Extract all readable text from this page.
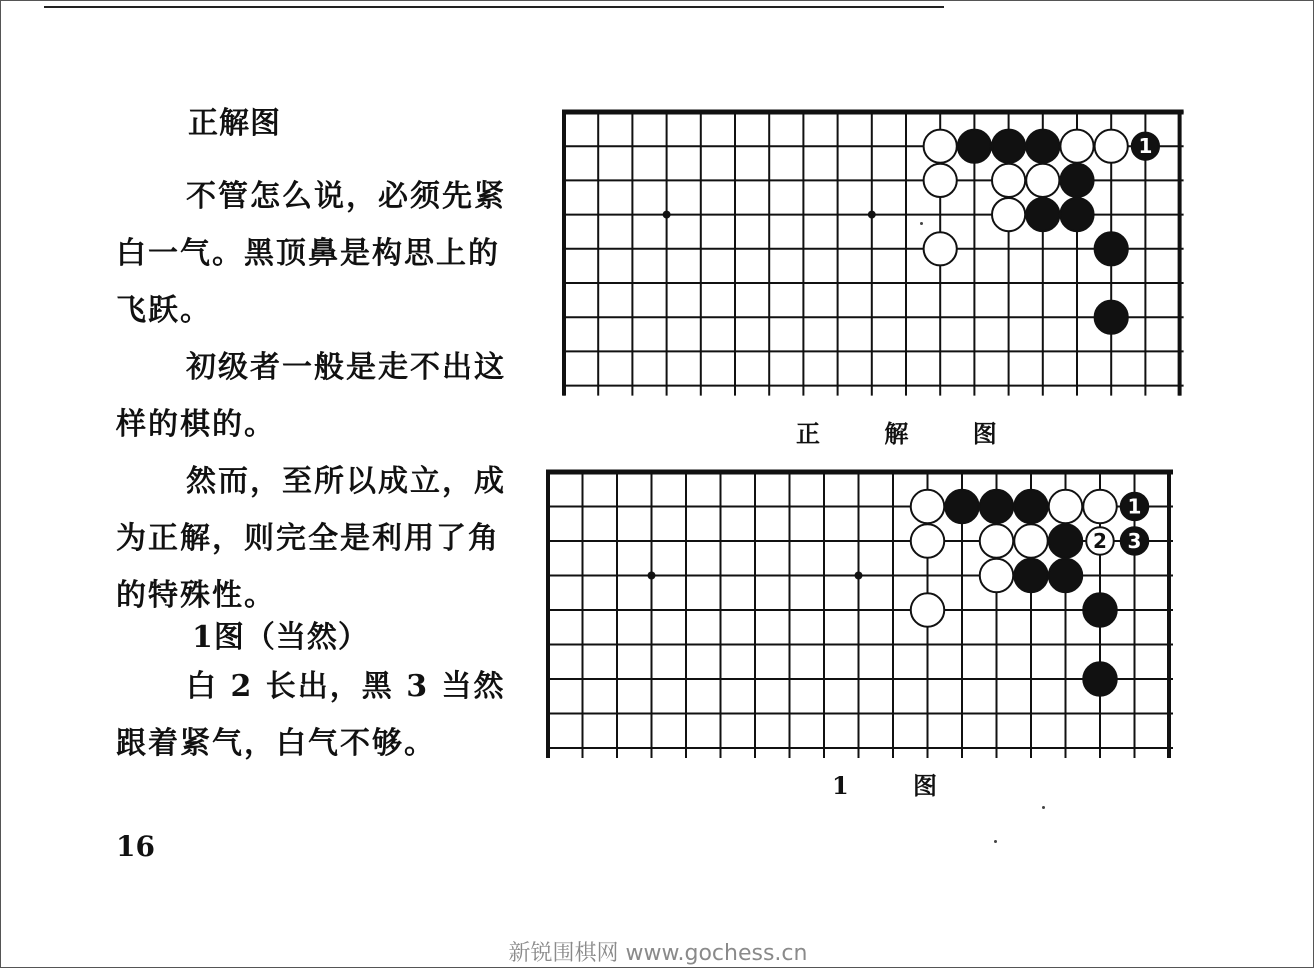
正解图

不管怎么说，必须先紧白一气。黑顶鼻是构思上的飞跃。

初级者一般是走不出这样的棋的。

然而，至所以成立，成为正解，则完全是利用了角的特殊性。

1图（当然）

白 2 长出，黑 3 当然跟着紧气，白气不够。

16
1
正 解 图
1
2 3
1 图
新锐围棋网 www.gochess.cn
